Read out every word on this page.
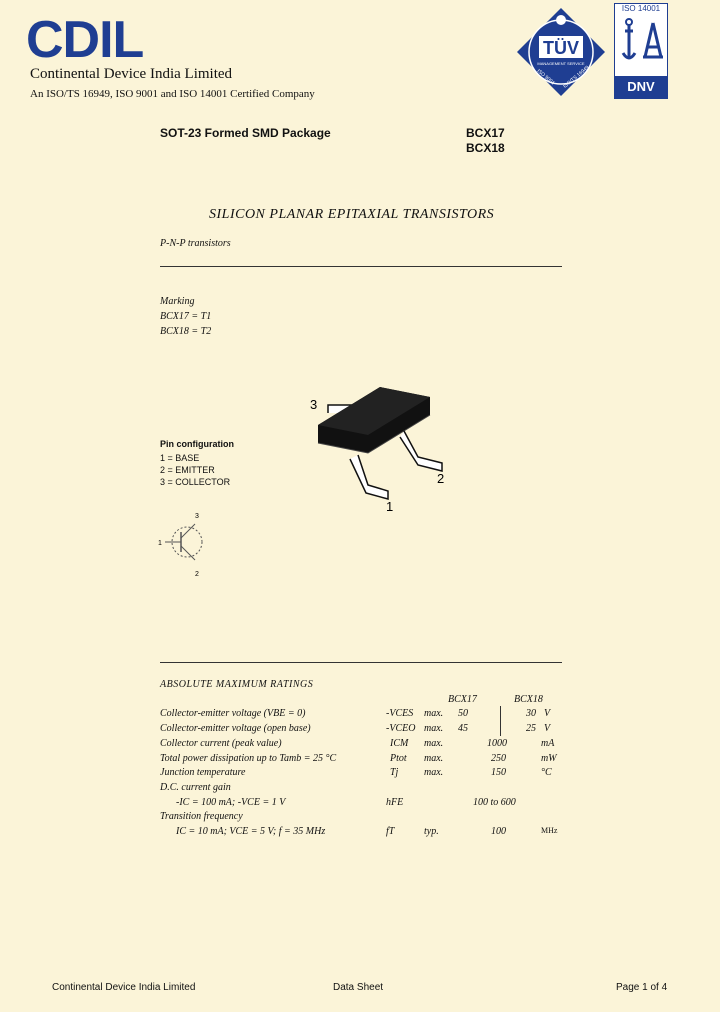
CDIL
Continental Device India Limited
An ISO/TS 16949, ISO 9001 and ISO 14001 Certified Company
TÜV
MANAGEMENT SERVICE
ISO 9001 ISO/TS 16949
ISO 14001
DNV
SOT-23 Formed SMD Package	BCX17
BCX18
SILICON PLANAR EPITAXIAL TRANSISTORS
P-N-P transistors
Marking
BCX17 = T1
BCX18 = T2
3
2
1
Pin configuration
1 = BASE
2 = EMITTER
3 = COLLECTOR
3
1
2
ABSOLUTE MAXIMUM RATINGS
BCX17	BCX18
Collector-emitter voltage (VBE = 0)	-VCES max. 50	30 V
Collector-emitter voltage (open base)	-VCEO max. 45	25 V
Collector current (peak value)	ICM max.	1000	mA
Total power dissipation up to Tamb = 25 °C	Ptot max.	250	mW
Junction temperature	Tj	max.	150	°C
D.C. current gain
-IC = 100 mA; -VCE = 1 V	hFE	100 to 600
Transition frequency
IC = 10 mA; VCE = 5 V; f = 35 MHz	fT	typ.	100	MHz
Continental Device India Limited	Data Sheet	Page 1 of 4
